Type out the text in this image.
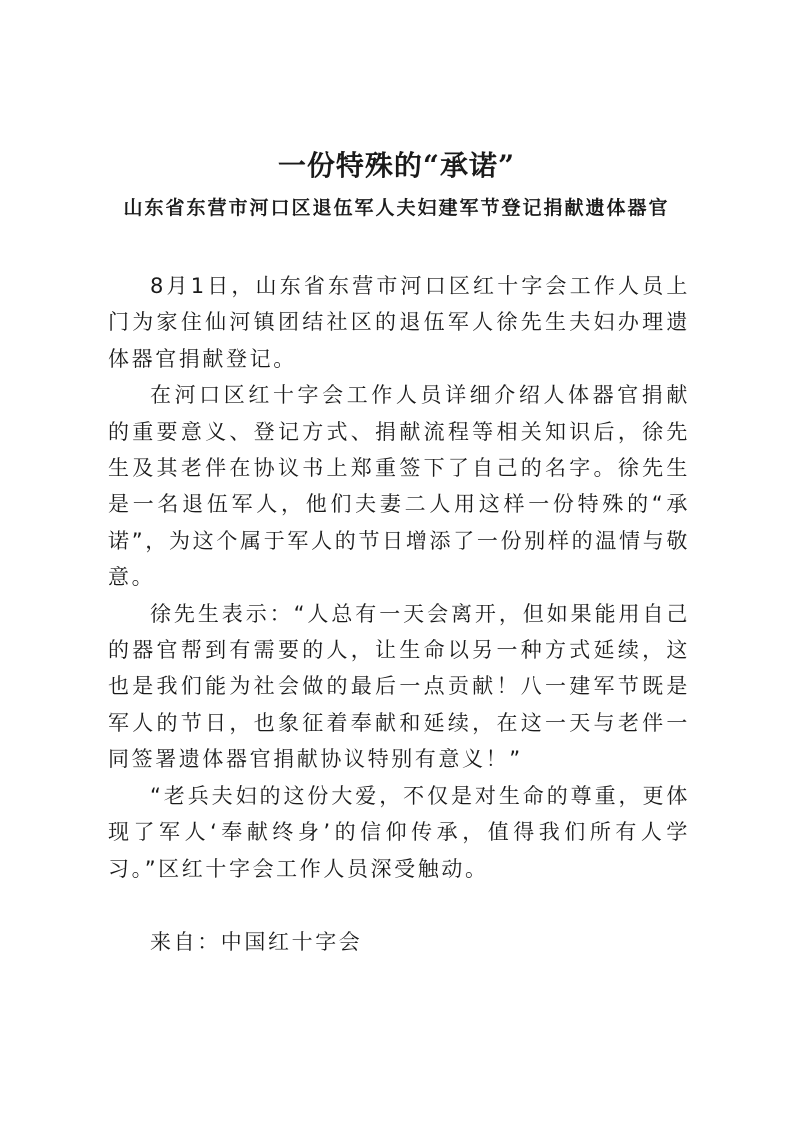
一份特殊的“承诺”
山东省东营市河口区退伍军人夫妇建军节登记捐献遗体器官

8月1日，山东省东营市河口区红十字会工作人员上门为家住仙河镇团结社区的退伍军人徐先生夫妇办理遗体器官捐献登记。

在河口区红十字会工作人员详细介绍人体器官捐献的重要意义、登记方式、捐献流程等相关知识后，徐先生及其老伴在协议书上郑重签下了自己的名字。徐先生是一名退伍军人，他们夫妻二人用这样一份特殊的“承诺”，为这个属于军人的节日增添了一份别样的温情与敬意。

徐先生表示：“人总有一天会离开，但如果能用自己的器官帮到有需要的人，让生命以另一种方式延续，这也是我们能为社会做的最后一点贡献！八一建军节既是军人的节日，也象征着奉献和延续，在这一天与老伴一同签署遗体器官捐献协议特别有意义！”

“老兵夫妇的这份大爱，不仅是对生命的尊重，更体现了军人‘奉献终身’的信仰传承，值得我们所有人学习。”区红十字会工作人员深受触动。

来自：中国红十字会
